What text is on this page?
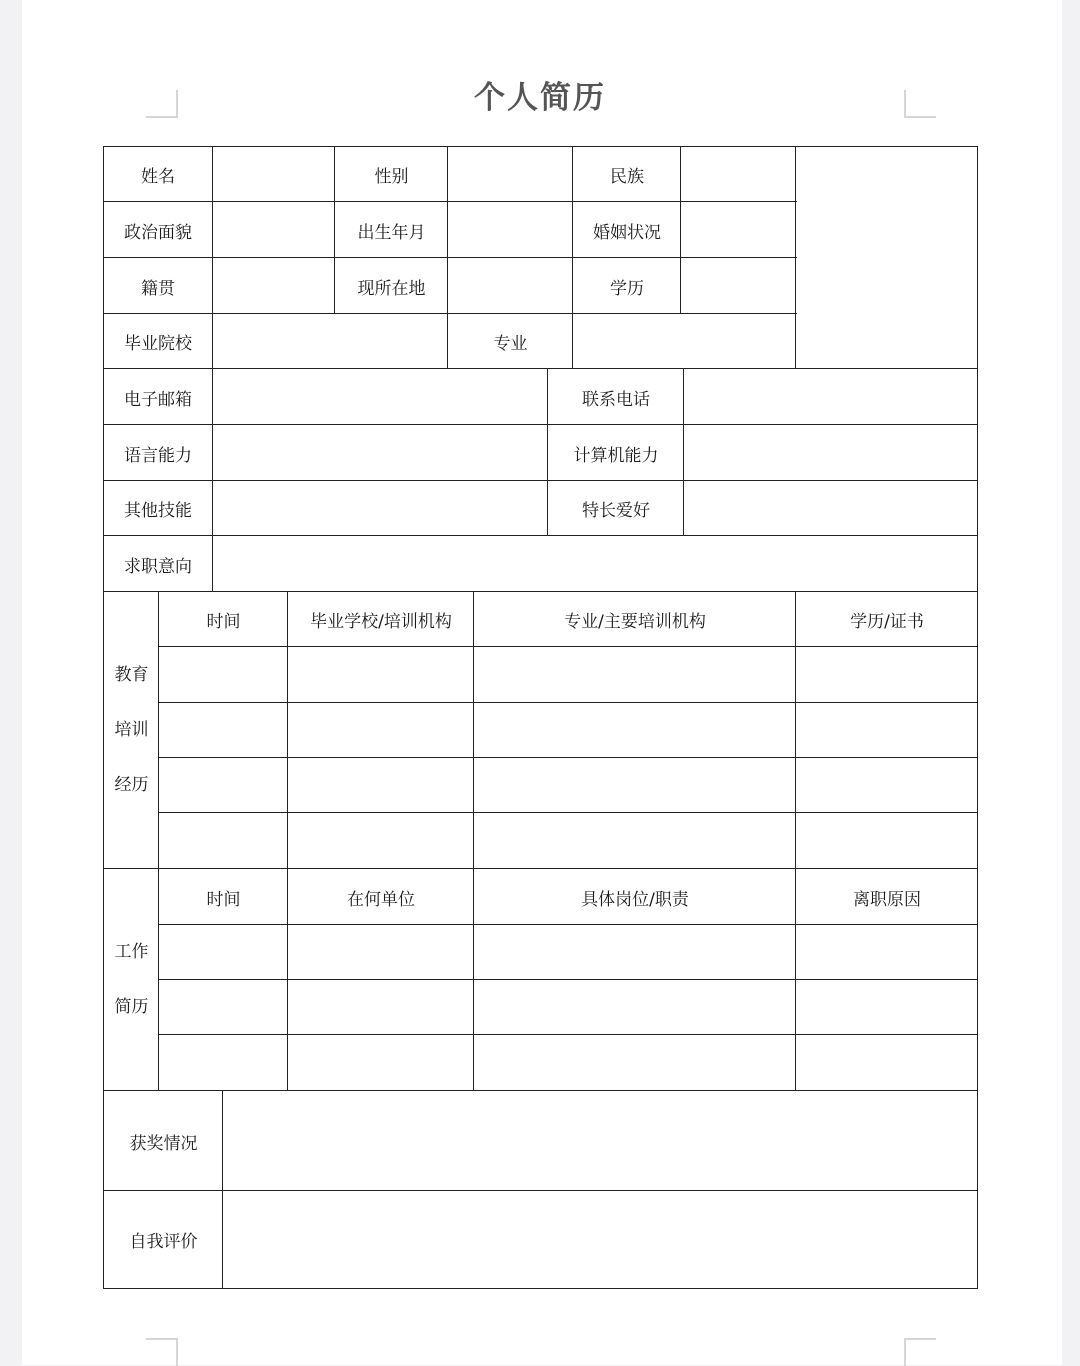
个人简历
姓名	性别	民族
政治面貌	出生年月	婚姻状况
籍贯	现所在地	学历
毕业院校	专业
电子邮箱	联系电话
语言能力	计算机能力
其他技能	特长爱好
求职意向
教育
培训
经历
时间	毕业学校/培训机构	专业/主要培训机构	学历/证书
工作
简历
时间	在何单位	具体岗位/职责	离职原因
获奖情况
自我评价
